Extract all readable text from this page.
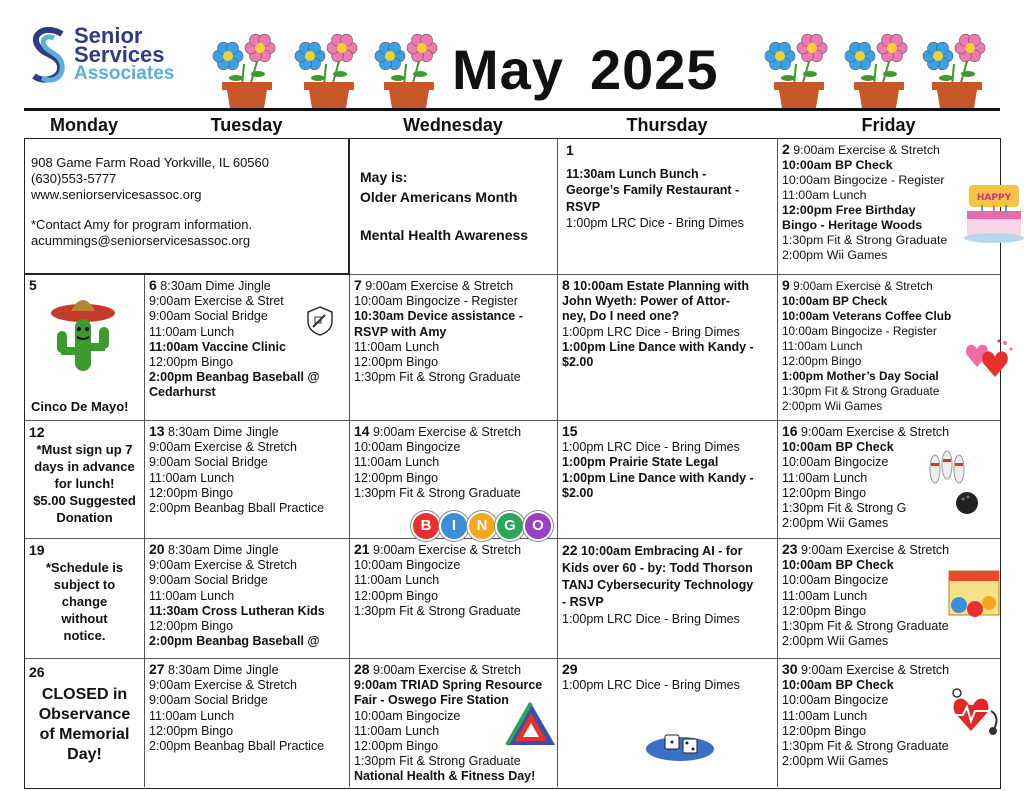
Senior
Services
Associates	May 2025
Monday	Tuesday	Wednesday	Thursday	Friday
908 Game Farm Road Yorkville, IL 60560
(630)553-5777
www.seniorservicesassoc.org
*Contact Amy for program information.
acummings@seniorservicesassoc.org
May is:
Older Americans Month
Mental Health Awareness
1
11:30am Lunch Bunch -
George’s Family Restaurant -
RSVP
1:00pm LRC Dice - Bring Dimes
2 9:00am Exercise & Stretch
10:00am BP Check
10:00am Bingocize - Register
11:00am Lunch
12:00pm Free Birthday
Bingo - Heritage Woods
1:30pm Fit & Strong Graduate
2:00pm Wii Games
5
Cinco De Mayo!
6 8:30am Dime Jingle
9:00am Exercise & Stret
9:00am Social Bridge
11:00am Lunch
11:00am Vaccine Clinic
12:00pm Bingo
2:00pm Beanbag Baseball @
Cedarhurst
7 9:00am Exercise & Stretch
10:00am Bingocize - Register
10:30am Device assistance -
RSVP with Amy
11:00am Lunch
12:00pm Bingo
1:30pm Fit & Strong Graduate
8 10:00am Estate Planning with
John Wyeth: Power of Attor-
ney, Do I need one?
1:00pm LRC Dice - Bring Dimes
1:00pm Line Dance with Kandy -
$2.00
9 9:00am Exercise & Stretch
10:00am BP Check
10:00am Veterans Coffee Club
10:00am Bingocize - Register
11:00am Lunch
12:00pm Bingo
1:00pm Mother’s Day Social
1:30pm Fit & Strong Graduate
2:00pm Wii Games
12
*Must sign up 7
days in advance
for lunch!
$5.00 Suggested
Donation
13 8:30am Dime Jingle
9:00am Exercise & Stretch
9:00am Social Bridge
11:00am Lunch
12:00pm Bingo
2:00pm Beanbag Bball Practice
14 9:00am Exercise & Stretch
10:00am Bingocize
11:00am Lunch
12:00pm Bingo
1:30pm Fit & Strong Graduate
15
1:00pm LRC Dice - Bring Dimes
1:00pm Prairie State Legal
1:00pm Line Dance with Kandy -
$2.00
16 9:00am Exercise & Stretch
10:00am BP Check
10:00am Bingocize
11:00am Lunch
12:00pm Bingo
1:30pm Fit & Strong G
2:00pm Wii Games
19
*Schedule is
subject to
change
without
notice.
20 8:30am Dime Jingle
9:00am Exercise & Stretch
9:00am Social Bridge
11:00am Lunch
11:30am Cross Lutheran Kids
12:00pm Bingo
2:00pm Beanbag Baseball @
21 9:00am Exercise & Stretch
10:00am Bingocize
11:00am Lunch
12:00pm Bingo
1:30pm Fit & Strong Graduate
22 10:00am Embracing AI - for
Kids over 60 - by: Todd Thorson
TANJ Cybersecurity Technology
- RSVP
1:00pm LRC Dice - Bring Dimes
23 9:00am Exercise & Stretch
10:00am BP Check
10:00am Bingocize
11:00am Lunch
12:00pm Bingo
1:30pm Fit & Strong Graduate
2:00pm Wii Games
26
CLOSED in
Observance
of Memorial
Day!
27 8:30am Dime Jingle
9:00am Exercise & Stretch
9:00am Social Bridge
11:00am Lunch
12:00pm Bingo
2:00pm Beanbag Bball Practice
28 9:00am Exercise & Stretch
9:00am TRIAD Spring Resource
Fair - Oswego Fire Station
10:00am Bingocize
11:00am Lunch
12:00pm Bingo
1:30pm Fit & Strong Graduate
National Health & Fitness Day!
29
1:00pm LRC Dice - Bring Dimes
30 9:00am Exercise & Stretch
10:00am BP Check
10:00am Bingocize
11:00am Lunch
12:00pm Bingo
1:30pm Fit & Strong Graduate
2:00pm Wii Games
HAPPY
B I N G O
